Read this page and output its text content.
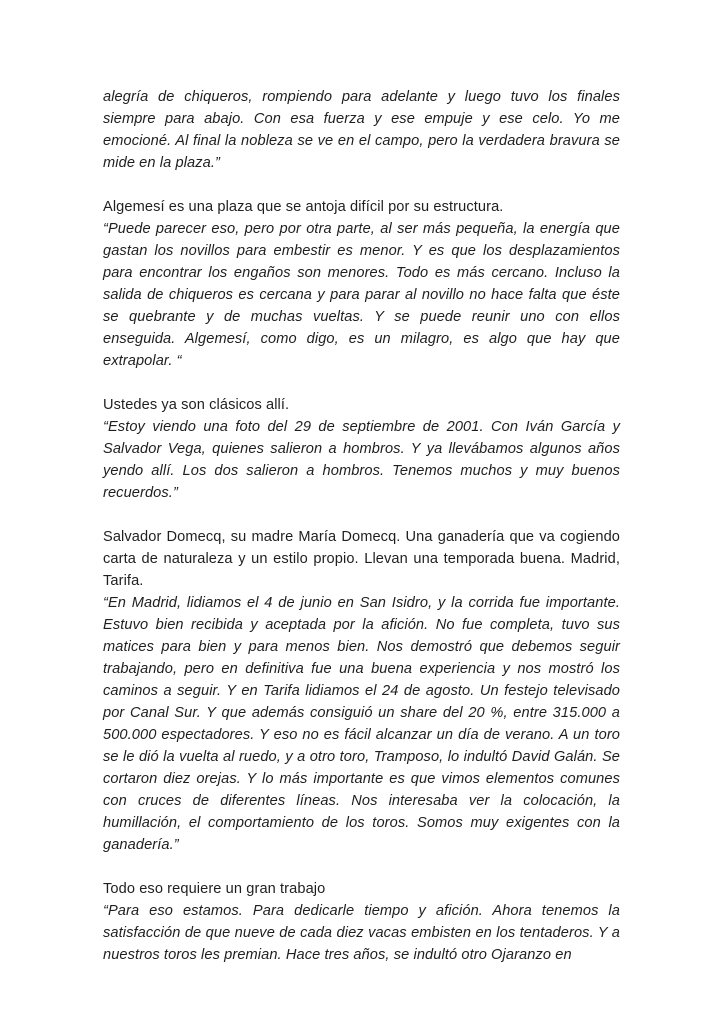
alegría de chiqueros, rompiendo para adelante y luego tuvo los finales siempre para abajo. Con esa fuerza y ese empuje y ese celo. Yo me emocioné. Al final la nobleza se ve en el campo, pero la verdadera bravura se mide en la plaza.”

Algemesí es una plaza que se antoja difícil por su estructura.

“Puede parecer eso, pero por otra parte, al ser más pequeña, la energía que gastan los novillos para embestir es menor. Y es que los desplazamientos para encontrar los engaños son menores. Todo es más cercano. Incluso la salida de chiqueros es cercana y para parar al novillo no hace falta que éste se quebrante y de muchas vueltas. Y se puede reunir uno con ellos enseguida. Algemesí, como digo, es un milagro, es algo que hay que extrapolar. “

Ustedes ya son clásicos allí.

“Estoy viendo una foto del 29 de septiembre de 2001. Con Iván García y Salvador Vega, quienes salieron a hombros. Y ya llevábamos algunos años yendo allí. Los dos salieron a hombros. Tenemos muchos y muy buenos recuerdos.”

Salvador Domecq, su madre María Domecq. Una ganadería que va cogiendo carta de naturaleza y un estilo propio. Llevan una temporada buena. Madrid, Tarifa.

“En Madrid, lidiamos el 4 de junio en San Isidro, y la corrida fue importante. Estuvo bien recibida y aceptada por la afición. No fue completa, tuvo sus matices para bien y para menos bien. Nos demostró que debemos seguir trabajando, pero en definitiva fue una buena experiencia y nos mostró los caminos a seguir. Y en Tarifa lidiamos el 24 de agosto. Un festejo televisado por Canal Sur. Y que además consiguió un share del 20 %, entre 315.000 a 500.000 espectadores. Y eso no es fácil alcanzar un día de verano. A un toro se le dió la vuelta al ruedo, y a otro toro, Tramposo, lo indultó David Galán. Se cortaron diez orejas. Y lo más importante es que vimos elementos comunes con cruces de diferentes líneas. Nos interesaba ver la colocación, la humillación, el comportamiento de los toros. Somos muy exigentes con la ganadería.”

Todo eso requiere un gran trabajo

“Para eso estamos. Para dedicarle tiempo y afición. Ahora tenemos la satisfacción de que nueve de cada diez vacas embisten en los tentaderos. Y a nuestros toros les premian. Hace tres años, se indultó otro Ojaranzo en
